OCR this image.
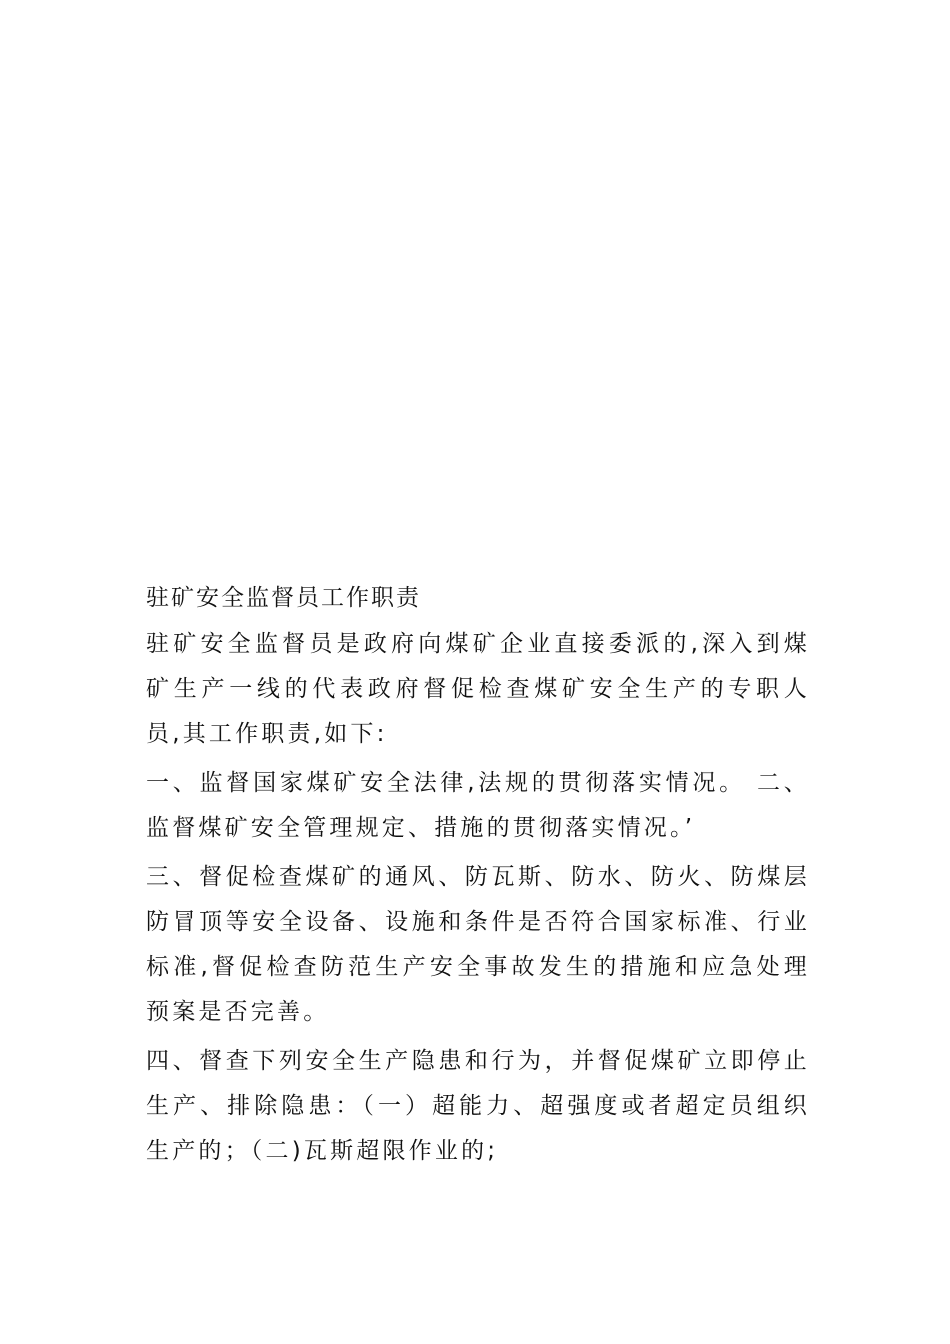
驻矿安全监督员工作职责
驻矿安全监督员是政府向煤矿企业直接委派的,深入到煤矿生产一线的代表政府督促检查煤矿安全生产的专职人员,其工作职责,如下:
一、监督国家煤矿安全法律,法规的贯彻落实情况。 二、监督煤矿安全管理规定、措施的贯彻落实情况。’
三、督促检查煤矿的通风、防瓦斯、防水、防火、防煤层防冒顶等安全设备、设施和条件是否符合国家标准、行业标准,督促检查防范生产安全事故发生的措施和应急处理预案是否完善。
四、督查下列安全生产隐患和行为，并督促煤矿立即停止生产、排除隐患：（一）超能力、超强度或者超定员组织生产的；（二)瓦斯超限作业的;
